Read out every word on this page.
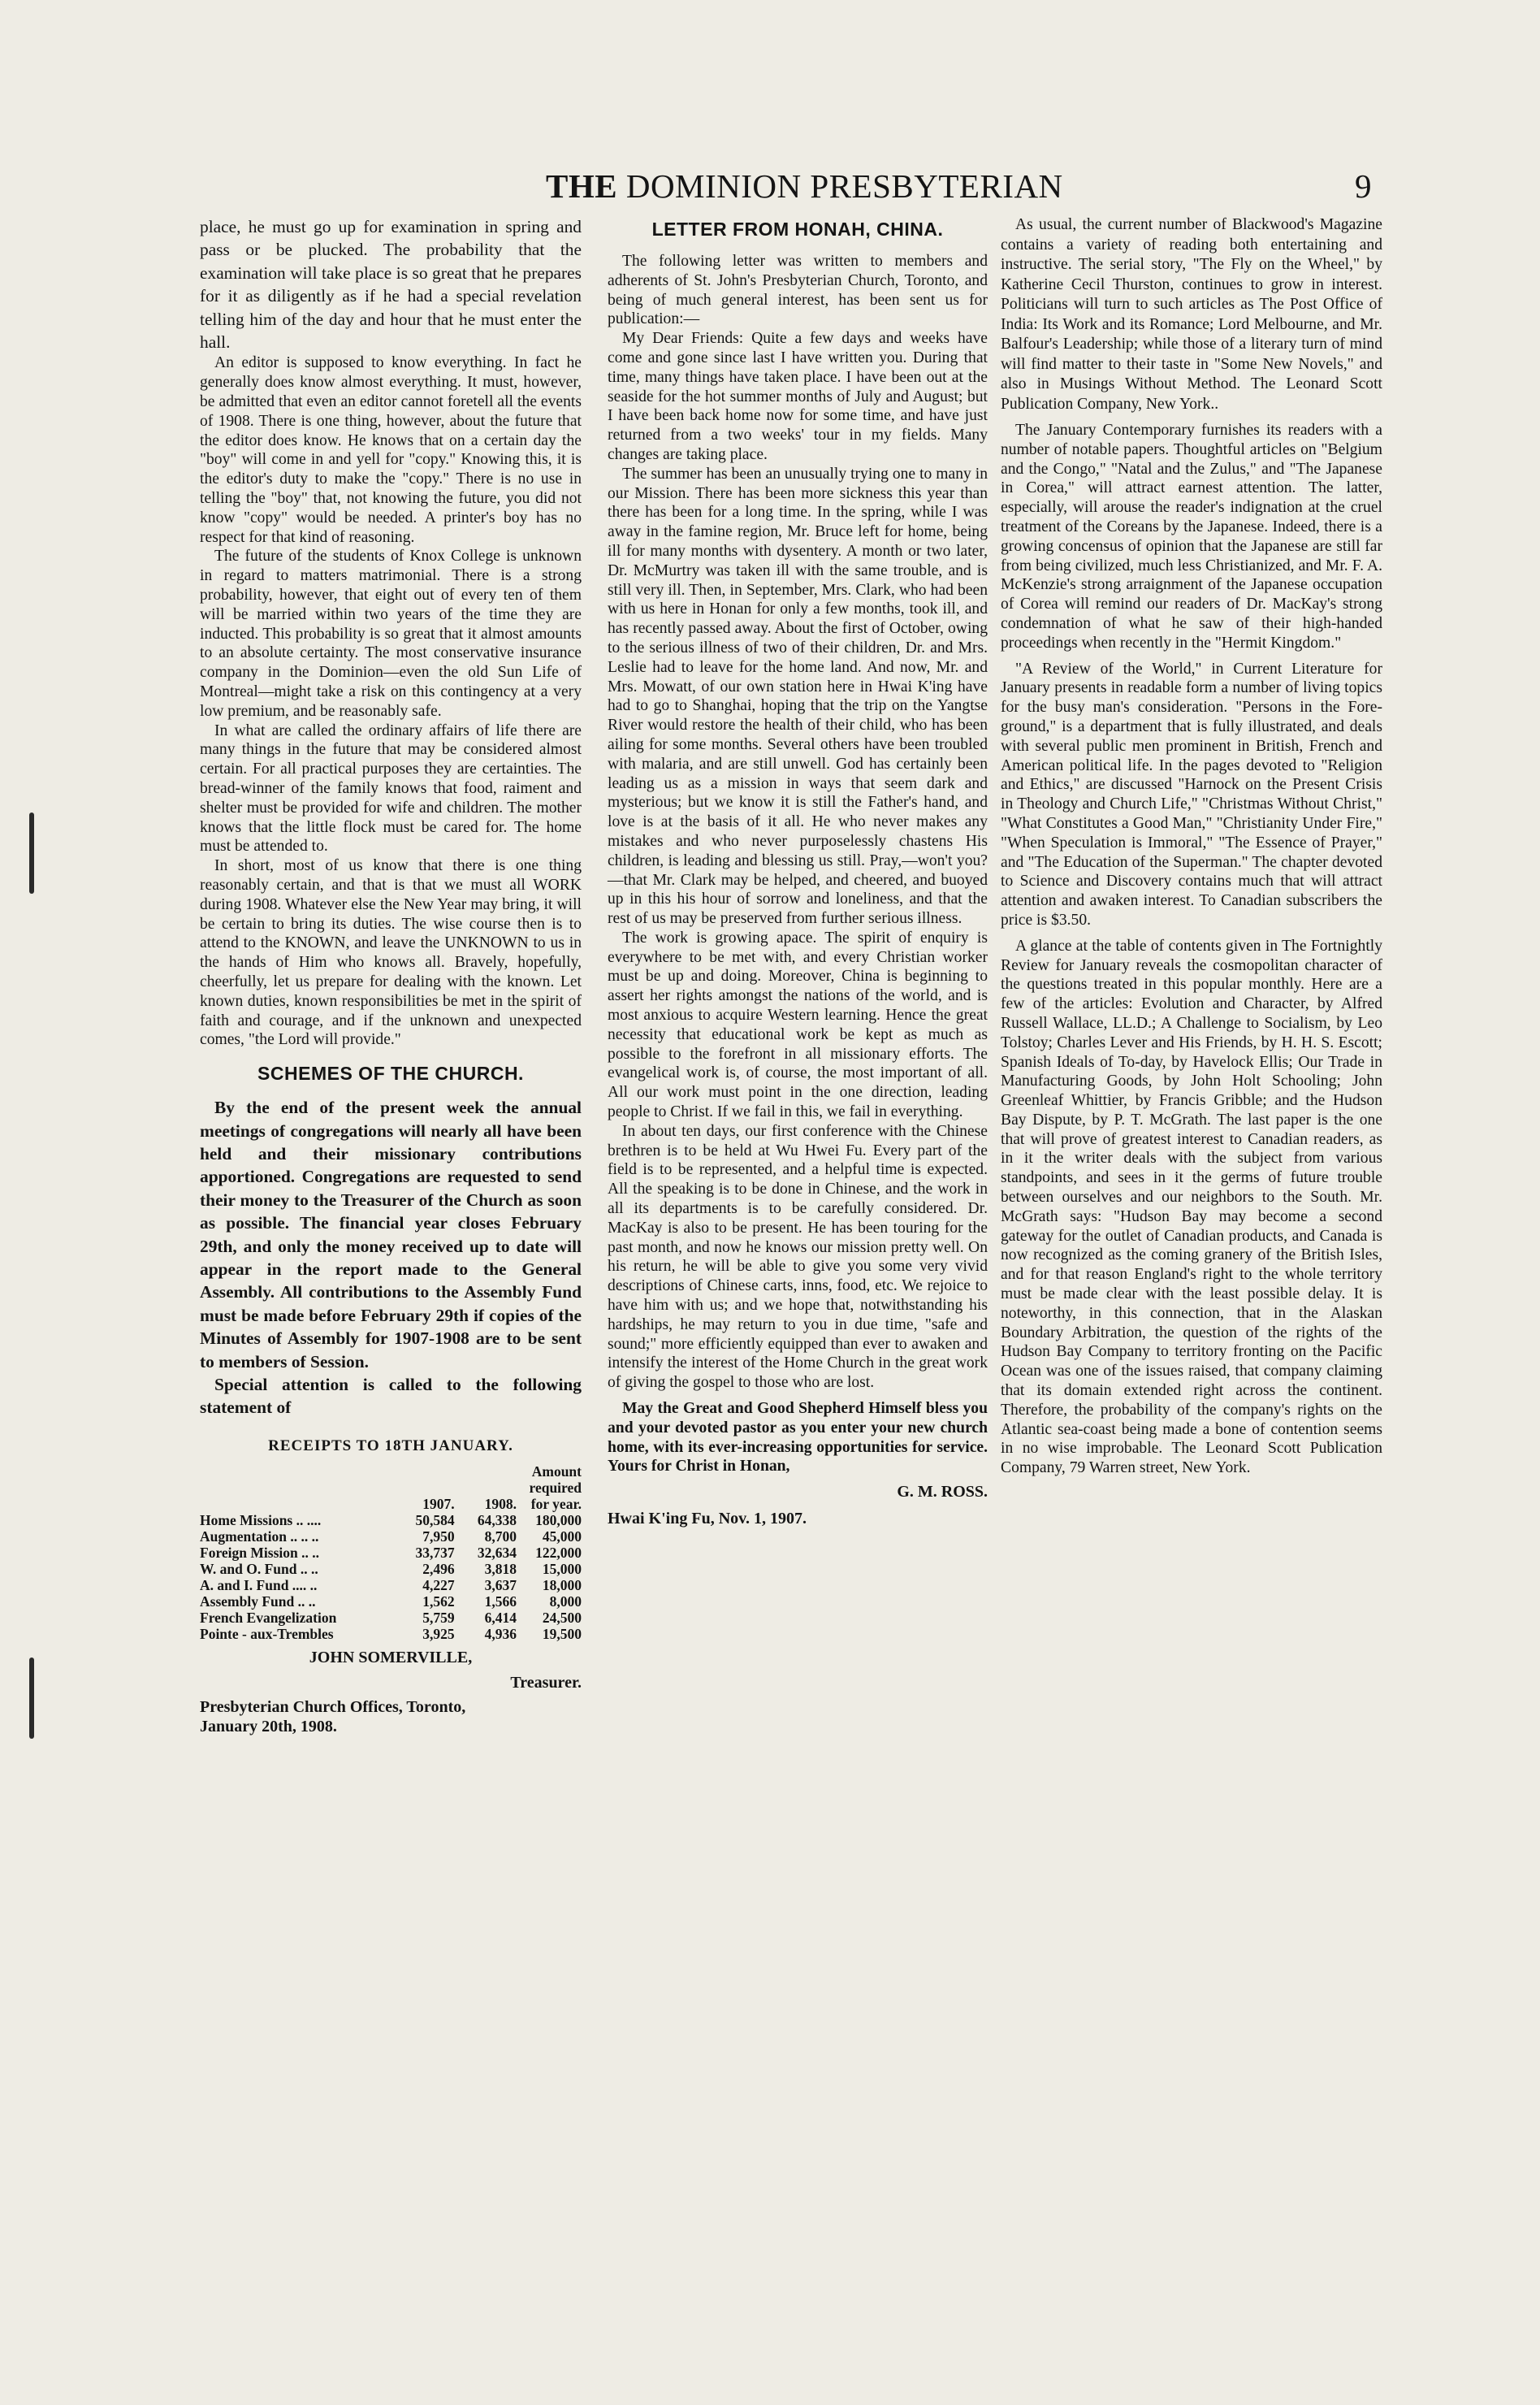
THE DOMINION PRESBYTERIAN	9

place, he must go up for examination in spring and pass or be plucked. The probability that the examination will take place is so great that he prepares for it as diligently as if he had a special revelation telling him of the day and hour that he must enter the hall.

An editor is supposed to know everything. In fact he generally does know almost everything. It must, however, be admitted that even an editor cannot foretell all the events of 1908. There is one thing, however, about the future that the editor does know. He knows that on a certain day the "boy" will come in and yell for "copy." Knowing this, it is the editor's duty to make the "copy." There is no use in telling the "boy" that, not knowing the future, you did not know "copy" would be needed. A printer's boy has no respect for that kind of reasoning.

The future of the students of Knox College is unknown in regard to matters matrimonial. There is a strong probability, however, that eight out of every ten of them will be married within two years of the time they are inducted. This probability is so great that it almost amounts to an absolute certainty. The most conservative insurance company in the Dominion—even the old Sun Life of Montreal—might take a risk on this contingency at a very low premium, and be reasonably safe.

In what are called the ordinary affairs of life there are many things in the future that may be considered almost certain. For all practical purposes they are certainties. The bread-winner of the family knows that food, raiment and shelter must be provided for wife and children. The mother knows that the little flock must be cared for. The home must be attended to.

In short, most of us know that there is one thing reasonably certain, and that is that we must all WORK during 1908. Whatever else the New Year may bring, it will be certain to bring its duties. The wise course then is to attend to the KNOWN, and leave the UNKNOWN to us in the hands of Him who knows all. Bravely, hopefully, cheerfully, let us prepare for dealing with the known. Let known duties, known responsibilities be met in the spirit of faith and courage, and if the unknown and unexpected comes, "the Lord will provide."

SCHEMES OF THE CHURCH.

By the end of the present week the annual meetings of congregations will nearly all have been held and their missionary contributions apportioned. Congregations are requested to send their money to the Treasurer of the Church as soon as possible. The financial year closes February 29th, and only the money received up to date will appear in the report made to the General Assembly. All contributions to the Assembly Fund must be made before February 29th if copies of the Minutes of Assembly for 1907-1908 are to be sent to members of Session.

Special attention is called to the following statement of

RECEIPTS TO 18TH JANUARY.
	1907.	1908.	Amount required for year.
Home Missions .. ....	50,584	64,338	180,000
Augmentation .. .. ..	7,950	8,700	45,000
Foreign Mission .. ..	33,737	32,634	122,000
W. and O. Fund .. ..	2,496	3,818	15,000
A. and I. Fund .... ..	4,227	3,637	18,000
Assembly Fund .. ..	1,562	1,566	8,000
French Evangelization	5,759	6,414	24,500
Pointe - aux-Trembles	3,925	4,936	19,500
JOHN SOMERVILLE,
Treasurer.
Presbyterian Church Offices, Toronto,
January 20th, 1908.
LETTER FROM HONAH, CHINA.

The following letter was written to members and adherents of St. John's Presbyterian Church, Toronto, and being of much general interest, has been sent us for publication:—

My Dear Friends: Quite a few days and weeks have come and gone since last I have written you. During that time, many things have taken place. I have been out at the seaside for the hot summer months of July and August; but I have been back home now for some time, and have just returned from a two weeks' tour in my fields. Many changes are taking place.

The summer has been an unusually trying one to many in our Mission. There has been more sickness this year than there has been for a long time. In the spring, while I was away in the famine region, Mr. Bruce left for home, being ill for many months with dysentery. A month or two later, Dr. McMurtry was taken ill with the same trouble, and is still very ill. Then, in September, Mrs. Clark, who had been with us here in Honan for only a few months, took ill, and has recently passed away. About the first of October, owing to the serious illness of two of their children, Dr. and Mrs. Leslie had to leave for the home land. And now, Mr. and Mrs. Mowatt, of our own station here in Hwai K'ing have had to go to Shanghai, hoping that the trip on the Yangtse River would restore the health of their child, who has been ailing for some months. Several others have been troubled with malaria, and are still unwell. God has certainly been leading us as a mission in ways that seem dark and mysterious; but we know it is still the Father's hand, and love is at the basis of it all. He who never makes any mistakes and who never purposelessly chastens His children, is leading and blessing us still. Pray,—won't you?—that Mr. Clark may be helped, and cheered, and buoyed up in this his hour of sorrow and loneliness, and that the rest of us may be preserved from further serious illness.

The work is growing apace. The spirit of enquiry is everywhere to be met with, and every Christian worker must be up and doing. Moreover, China is beginning to assert her rights amongst the nations of the world, and is most anxious to acquire Western learning. Hence the great necessity that educational work be kept as much as possible to the forefront in all missionary efforts. The evangelical work is, of course, the most important of all. All our work must point in the one direction, leading people to Christ. If we fail in this, we fail in everything.

In about ten days, our first conference with the Chinese brethren is to be held at Wu Hwei Fu. Every part of the field is to be represented, and a helpful time is expected. All the speaking is to be done in Chinese, and the work in all its departments is to be carefully considered. Dr. MacKay is also to be present. He has been touring for the past month, and now he knows our mission pretty well. On his return, he will be able to give you some very vivid descriptions of Chinese carts, inns, food, etc. We rejoice to have him with us; and we hope that, notwithstanding his hardships, he may return to you in due time, "safe and sound;" more efficiently equipped than ever to awaken and intensify the interest of the Home Church in the great work of giving the gospel to those who are lost.

May the Great and Good Shepherd Himself bless you and your devoted pastor as you enter your new church home, with its ever-increasing opportunities for service. Yours for Christ in Honan,

G. M. ROSS.
Hwai K'ing Fu, Nov. 1, 1907.

As usual, the current number of Blackwood's Magazine contains a variety of reading both entertaining and instructive. The serial story, "The Fly on the Wheel," by Katherine Cecil Thurston, continues to grow in interest. Politicians will turn to such articles as The Post Office of India: Its Work and its Romance; Lord Melbourne, and Mr. Balfour's Leadership; while those of a literary turn of mind will find matter to their taste in "Some New Novels," and also in Musings Without Method. The Leonard Scott Publication Company, New York..

The January Contemporary furnishes its readers with a number of notable papers. Thoughtful articles on "Belgium and the Congo," "Natal and the Zulus," and "The Japanese in Corea," will attract earnest attention. The latter, especially, will arouse the reader's indignation at the cruel treatment of the Coreans by the Japanese. Indeed, there is a growing concensus of opinion that the Japanese are still far from being civilized, much less Christianized, and Mr. F. A. McKenzie's strong arraignment of the Japanese occupation of Corea will remind our readers of Dr. MacKay's strong condemnation of what he saw of their high-handed proceedings when recently in the "Hermit Kingdom."

"A Review of the World," in Current Literature for January presents in readable form a number of living topics for the busy man's consideration. "Persons in the Fore-ground," is a department that is fully illustrated, and deals with several public men prominent in British, French and American political life. In the pages devoted to "Religion and Ethics," are discussed "Harnock on the Present Crisis in Theology and Church Life," "Christmas Without Christ," "What Constitutes a Good Man," "Christianity Under Fire," "When Speculation is Immoral," "The Essence of Prayer," and "The Education of the Superman." The chapter devoted to Science and Discovery contains much that will attract attention and awaken interest. To Canadian subscribers the price is $3.50.

A glance at the table of contents given in The Fortnightly Review for January reveals the cosmopolitan character of the questions treated in this popular monthly. Here are a few of the articles: Evolution and Character, by Alfred Russell Wallace, LL.D.; A Challenge to Socialism, by Leo Tolstoy; Charles Lever and His Friends, by H. H. S. Escott; Spanish Ideals of To-day, by Havelock Ellis; Our Trade in Manufacturing Goods, by John Holt Schooling; John Greenleaf Whittier, by Francis Gribble; and the Hudson Bay Dispute, by P. T. McGrath. The last paper is the one that will prove of greatest interest to Canadian readers, as in it the writer deals with the subject from various standpoints, and sees in it the germs of future trouble between ourselves and our neighbors to the South. Mr. McGrath says: "Hudson Bay may become a second gateway for the outlet of Canadian products, and Canada is now recognized as the coming granery of the British Isles, and for that reason England's right to the whole territory must be made clear with the least possible delay. It is noteworthy, in this connection, that in the Alaskan Boundary Arbitration, the question of the rights of the Hudson Bay Company to territory fronting on the Pacific Ocean was one of the issues raised, that company claiming that its domain extended right across the continent. Therefore, the probability of the company's rights on the Atlantic sea-coast being made a bone of contention seems in no wise improbable. The Leonard Scott Publication Company, 79 Warren street, New York.
